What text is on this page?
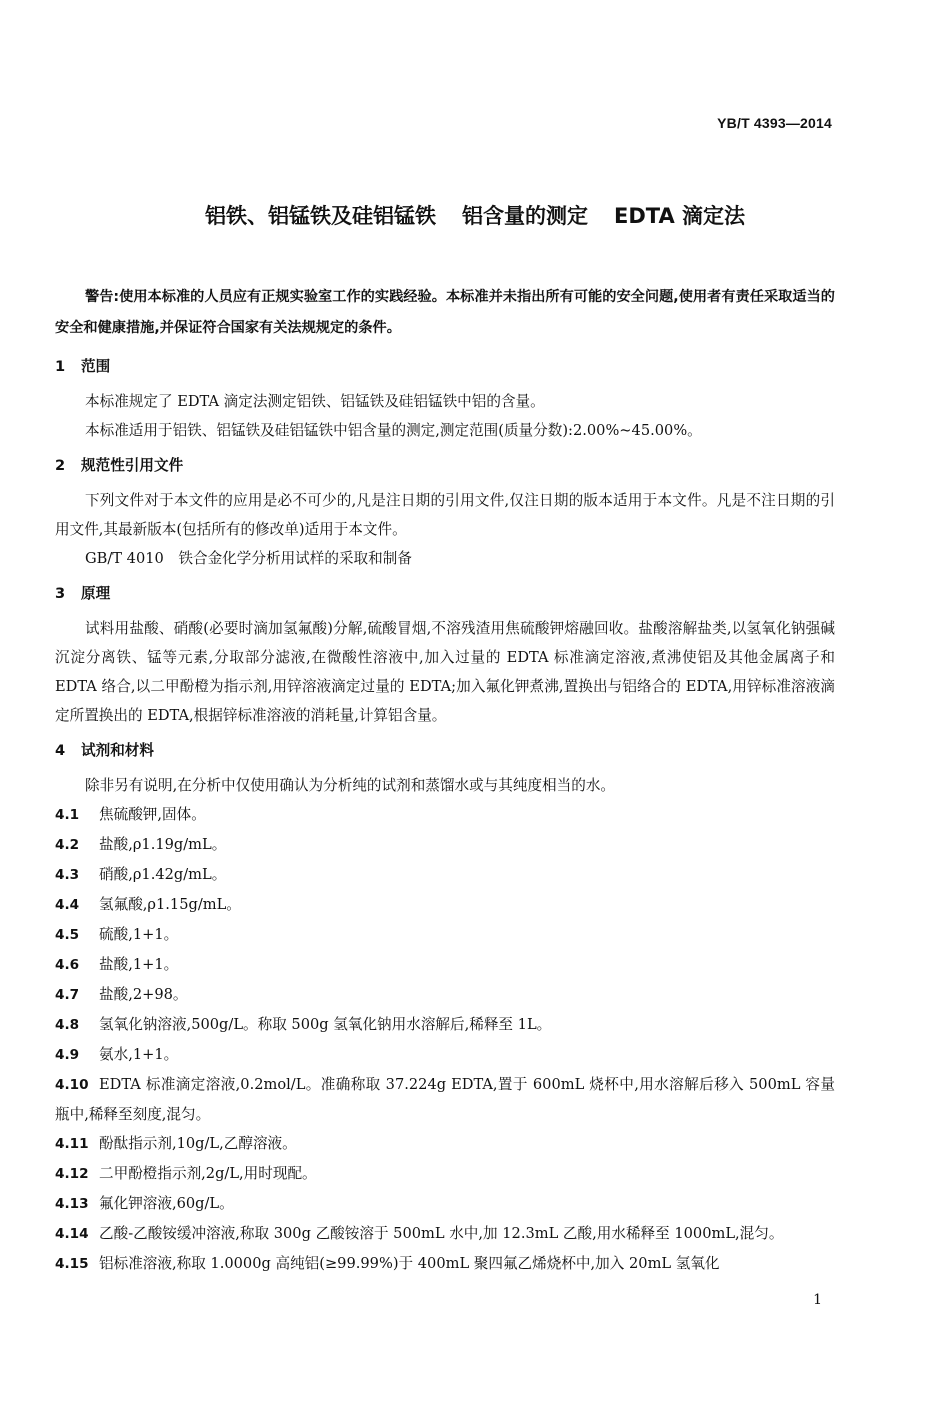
YB/T 4393—2014
铝铁、铝锰铁及硅铝锰铁 铝含量的测定 EDTA 滴定法
警告:使用本标准的人员应有正规实验室工作的实践经验。本标准并未指出所有可能的安全问题,使用者有责任采取适当的安全和健康措施,并保证符合国家有关法规规定的条件。
1 范围
本标准规定了 EDTA 滴定法测定铝铁、铝锰铁及硅铝锰铁中铝的含量。
本标准适用于铝铁、铝锰铁及硅铝锰铁中铝含量的测定,测定范围(质量分数):2.00%~45.00%。
2 规范性引用文件
下列文件对于本文件的应用是必不可少的,凡是注日期的引用文件,仅注日期的版本适用于本文件。凡是不注日期的引用文件,其最新版本(包括所有的修改单)适用于本文件。
GB/T 4010　铁合金化学分析用试样的采取和制备
3 原理
试料用盐酸、硝酸(必要时滴加氢氟酸)分解,硫酸冒烟,不溶残渣用焦硫酸钾熔融回收。盐酸溶解盐类,以氢氧化钠强碱沉淀分离铁、锰等元素,分取部分滤液,在微酸性溶液中,加入过量的 EDTA 标准滴定溶液,煮沸使铝及其他金属离子和 EDTA 络合,以二甲酚橙为指示剂,用锌溶液滴定过量的 EDTA;加入氟化钾煮沸,置换出与铝络合的 EDTA,用锌标准溶液滴定所置换出的 EDTA,根据锌标准溶液的消耗量,计算铝含量。
4 试剂和材料
除非另有说明,在分析中仅使用确认为分析纯的试剂和蒸馏水或与其纯度相当的水。
4.1 焦硫酸钾,固体。
4.2 盐酸,ρ1.19g/mL。
4.3 硝酸,ρ1.42g/mL。
4.4 氢氟酸,ρ1.15g/mL。
4.5 硫酸,1+1。
4.6 盐酸,1+1。
4.7 盐酸,2+98。
4.8 氢氧化钠溶液,500g/L。称取 500g 氢氧化钠用水溶解后,稀释至 1L。
4.9 氨水,1+1。
4.10 EDTA 标准滴定溶液,0.2mol/L。准确称取 37.224g EDTA,置于 600mL 烧杯中,用水溶解后移入 500mL 容量瓶中,稀释至刻度,混匀。
4.11 酚酞指示剂,10g/L,乙醇溶液。
4.12 二甲酚橙指示剂,2g/L,用时现配。
4.13 氟化钾溶液,60g/L。
4.14 乙酸-乙酸铵缓冲溶液,称取 300g 乙酸铵溶于 500mL 水中,加 12.3mL 乙酸,用水稀释至 1000mL,混匀。
4.15 铝标准溶液,称取 1.0000g 高纯铝(≥99.99%)于 400mL 聚四氟乙烯烧杯中,加入 20mL 氢氧化
1
